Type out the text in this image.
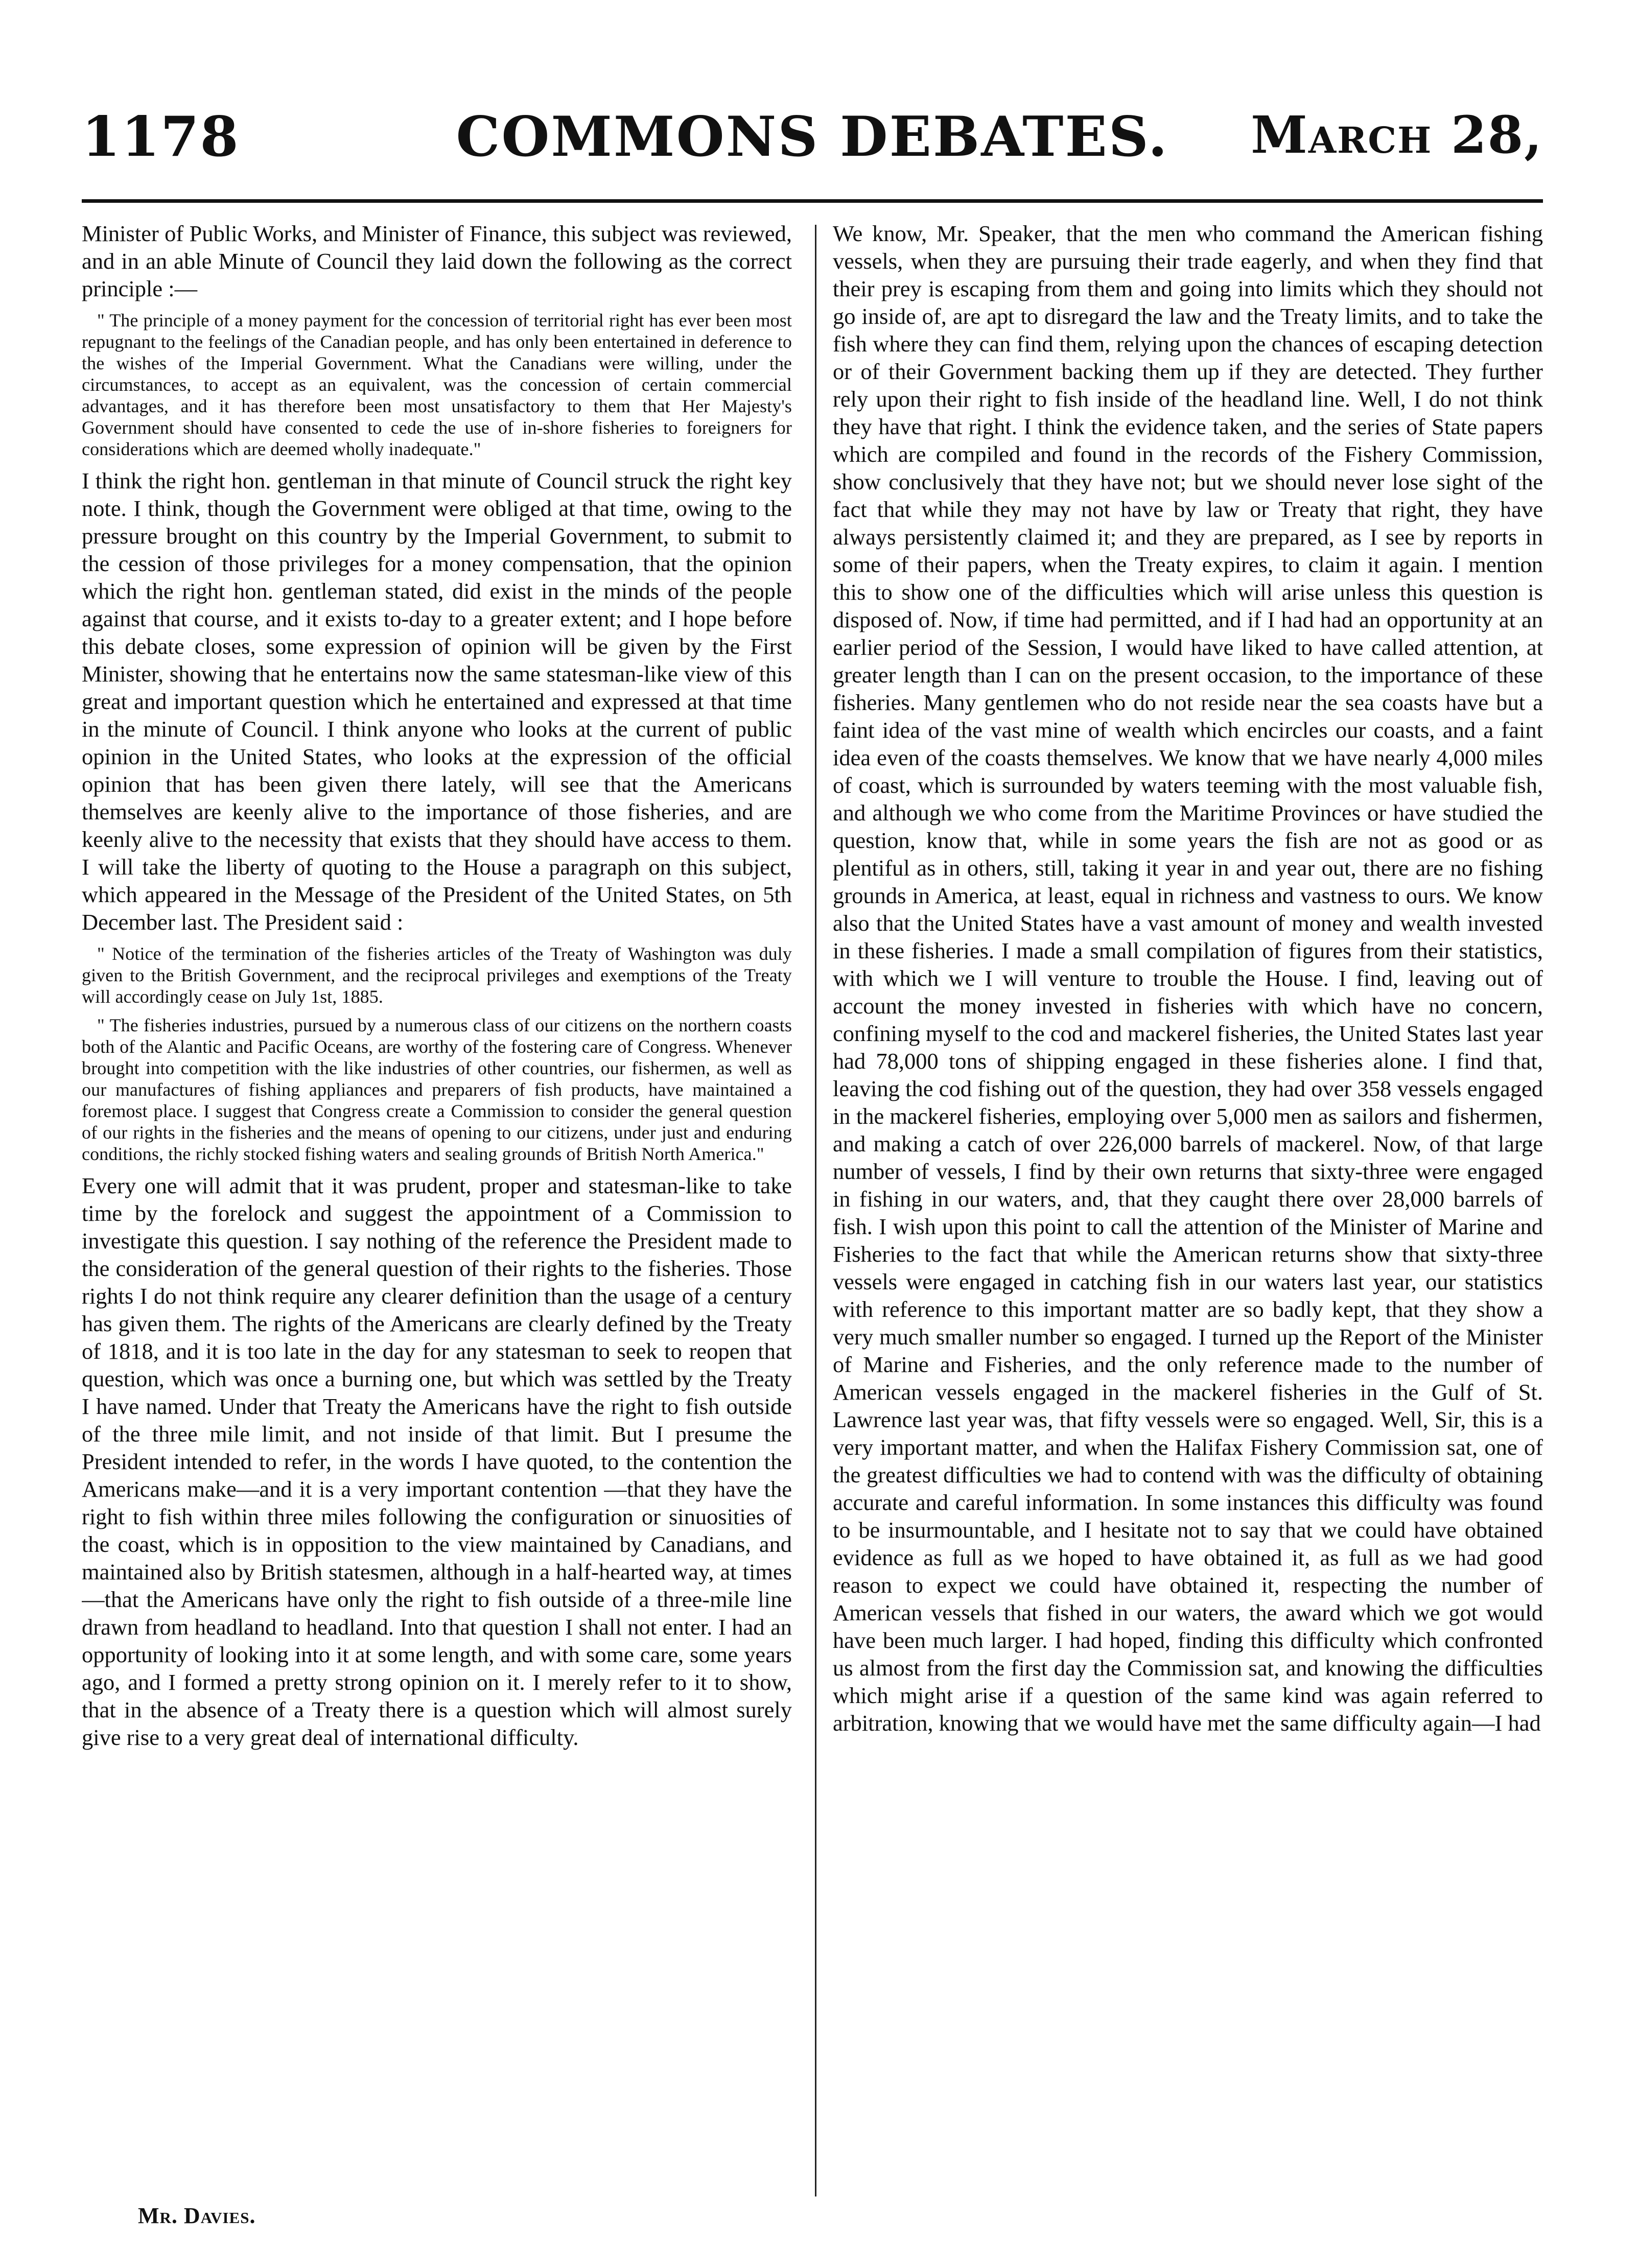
COMMONS DEBATES.
1178	March 28,

Minister of Public Works, and Minister of Finance, this subject was reviewed, and in an able Minute of Council they laid down the following as the correct principle :—

" The principle of a money payment for the concession of territorial right has ever been most repugnant to the feelings of the Canadian people, and has only been entertained in deference to the wishes of the Imperial Government. What the Canadians were willing, under the circumstances, to accept as an equivalent, was the concession of certain commercial advantages, and it has therefore been most unsatisfactory to them that Her Majesty's Government should have consented to cede the use of in-shore fisheries to foreigners for considerations which are deemed wholly inadequate."

I think the right hon. gentleman in that minute of Council struck the right key note. I think, though the Government were obliged at that time, owing to the pressure brought on this country by the Imperial Government, to submit to the cession of those privileges for a money compensation, that the opinion which the right hon. gentleman stated, did exist in the minds of the people against that course, and it exists to-day to a greater extent; and I hope before this debate closes, some expression of opinion will be given by the First Minister, showing that he entertains now the same statesman-like view of this great and important question which he entertained and expressed at that time in the minute of Council. I think anyone who looks at the current of public opinion in the United States, who looks at the expression of the official opinion that has been given there lately, will see that the Americans themselves are keenly alive to the importance of those fisheries, and are keenly alive to the necessity that exists that they should have access to them. I will take the liberty of quoting to the House a paragraph on this subject, which appeared in the Message of the President of the United States, on 5th December last. The President said :

" Notice of the termination of the fisheries articles of the Treaty of Washington was duly given to the British Government, and the reciprocal privileges and exemptions of the Treaty will accordingly cease on July 1st, 1885.

" The fisheries industries, pursued by a numerous class of our citizens on the northern coasts both of the Alantic and Pacific Oceans, are worthy of the fostering care of Congress. Whenever brought into competition with the like industries of other countries, our fishermen, as well as our manufactures of fishing appliances and preparers of fish products, have maintained a foremost place. I suggest that Congress create a Commission to consider the general question of our rights in the fisheries and the means of opening to our citizens, under just and enduring conditions, the richly stocked fishing waters and sealing grounds of British North America."

Every one will admit that it was prudent, proper and statesman-like to take time by the forelock and suggest the appointment of a Commission to investigate this question. I say nothing of the reference the President made to the consideration of the general question of their rights to the fisheries. Those rights I do not think require any clearer definition than the usage of a century has given them. The rights of the Americans are clearly defined by the Treaty of 1818, and it is too late in the day for any statesman to seek to reopen that question, which was once a burning one, but which was settled by the Treaty I have named. Under that Treaty the Americans have the right to fish outside of the three mile limit, and not inside of that limit. But I presume the President intended to refer, in the words I have quoted, to the contention the Americans make—and it is a very important contention —that they have the right to fish within three miles following the configuration or sinuosities of the coast, which is in opposition to the view maintained by Canadians, and maintained also by British statesmen, although in a half-hearted way, at times—that the Americans have only the right to fish outside of a three-mile line drawn from headland to headland. Into that question I shall not enter. I had an opportunity of looking into it at some length, and with some care, some years ago, and I formed a pretty strong opinion on it. I merely refer to it to show, that in the absence of a Treaty there is a question which will almost surely give rise to a very great deal of international difficulty.

We know, Mr. Speaker, that the men who command the American fishing vessels, when they are pursuing their trade eagerly, and when they find that their prey is escaping from them and going into limits which they should not go inside of, are apt to disregard the law and the Treaty limits, and to take the fish where they can find them, relying upon the chances of escaping detection or of their Government backing them up if they are detected. They further rely upon their right to fish inside of the headland line. Well, I do not think they have that right. I think the evidence taken, and the series of State papers which are compiled and found in the records of the Fishery Commission, show conclusively that they have not; but we should never lose sight of the fact that while they may not have by law or Treaty that right, they have always persistently claimed it; and they are prepared, as I see by reports in some of their papers, when the Treaty expires, to claim it again. I mention this to show one of the difficulties which will arise unless this question is disposed of. Now, if time had permitted, and if I had had an opportunity at an earlier period of the Session, I would have liked to have called attention, at greater length than I can on the present occasion, to the importance of these fisheries. Many gentlemen who do not reside near the sea coasts have but a faint idea of the vast mine of wealth which encircles our coasts, and a faint idea even of the coasts themselves. We know that we have nearly 4,000 miles of coast, which is surrounded by waters teeming with the most valuable fish, and although we who come from the Maritime Provinces or have studied the question, know that, while in some years the fish are not as good or as plentiful as in others, still, taking it year in and year out, there are no fishing grounds in America, at least, equal in richness and vastness to ours. We know also that the United States have a vast amount of money and wealth invested in these fisheries. I made a small compilation of figures from their statistics, with which we I will venture to trouble the House. I find, leaving out of account the money invested in fisheries with which have no concern, confining myself to the cod and mackerel fisheries, the United States last year had 78,000 tons of shipping engaged in these fisheries alone. I find that, leaving the cod fishing out of the question, they had over 358 vessels engaged in the mackerel fisheries, employing over 5,000 men as sailors and fishermen, and making a catch of over 226,000 barrels of mackerel. Now, of that large number of vessels, I find by their own returns that sixty-three were engaged in fishing in our waters, and, that they caught there over 28,000 barrels of fish. I wish upon this point to call the attention of the Minister of Marine and Fisheries to the fact that while the American returns show that sixty-three vessels were engaged in catching fish in our waters last year, our statistics with reference to this important matter are so badly kept, that they show a very much smaller number so engaged. I turned up the Report of the Minister of Marine and Fisheries, and the only reference made to the number of American vessels engaged in the mackerel fisheries in the Gulf of St. Lawrence last year was, that fifty vessels were so engaged. Well, Sir, this is a very important matter, and when the Halifax Fishery Commission sat, one of the greatest difficulties we had to contend with was the difficulty of obtaining accurate and careful information. In some instances this difficulty was found to be insurmountable, and I hesitate not to say that we could have obtained evidence as full as we hoped to have obtained it, as full as we had good reason to expect we could have obtained it, respecting the number of American vessels that fished in our waters, the award which we got would have been much larger. I had hoped, finding this difficulty which confronted us almost from the first day the Commission sat, and knowing the difficulties which might arise if a question of the same kind was again referred to arbitration, knowing that we would have met the same difficulty again—I had

Mr. Davies.
